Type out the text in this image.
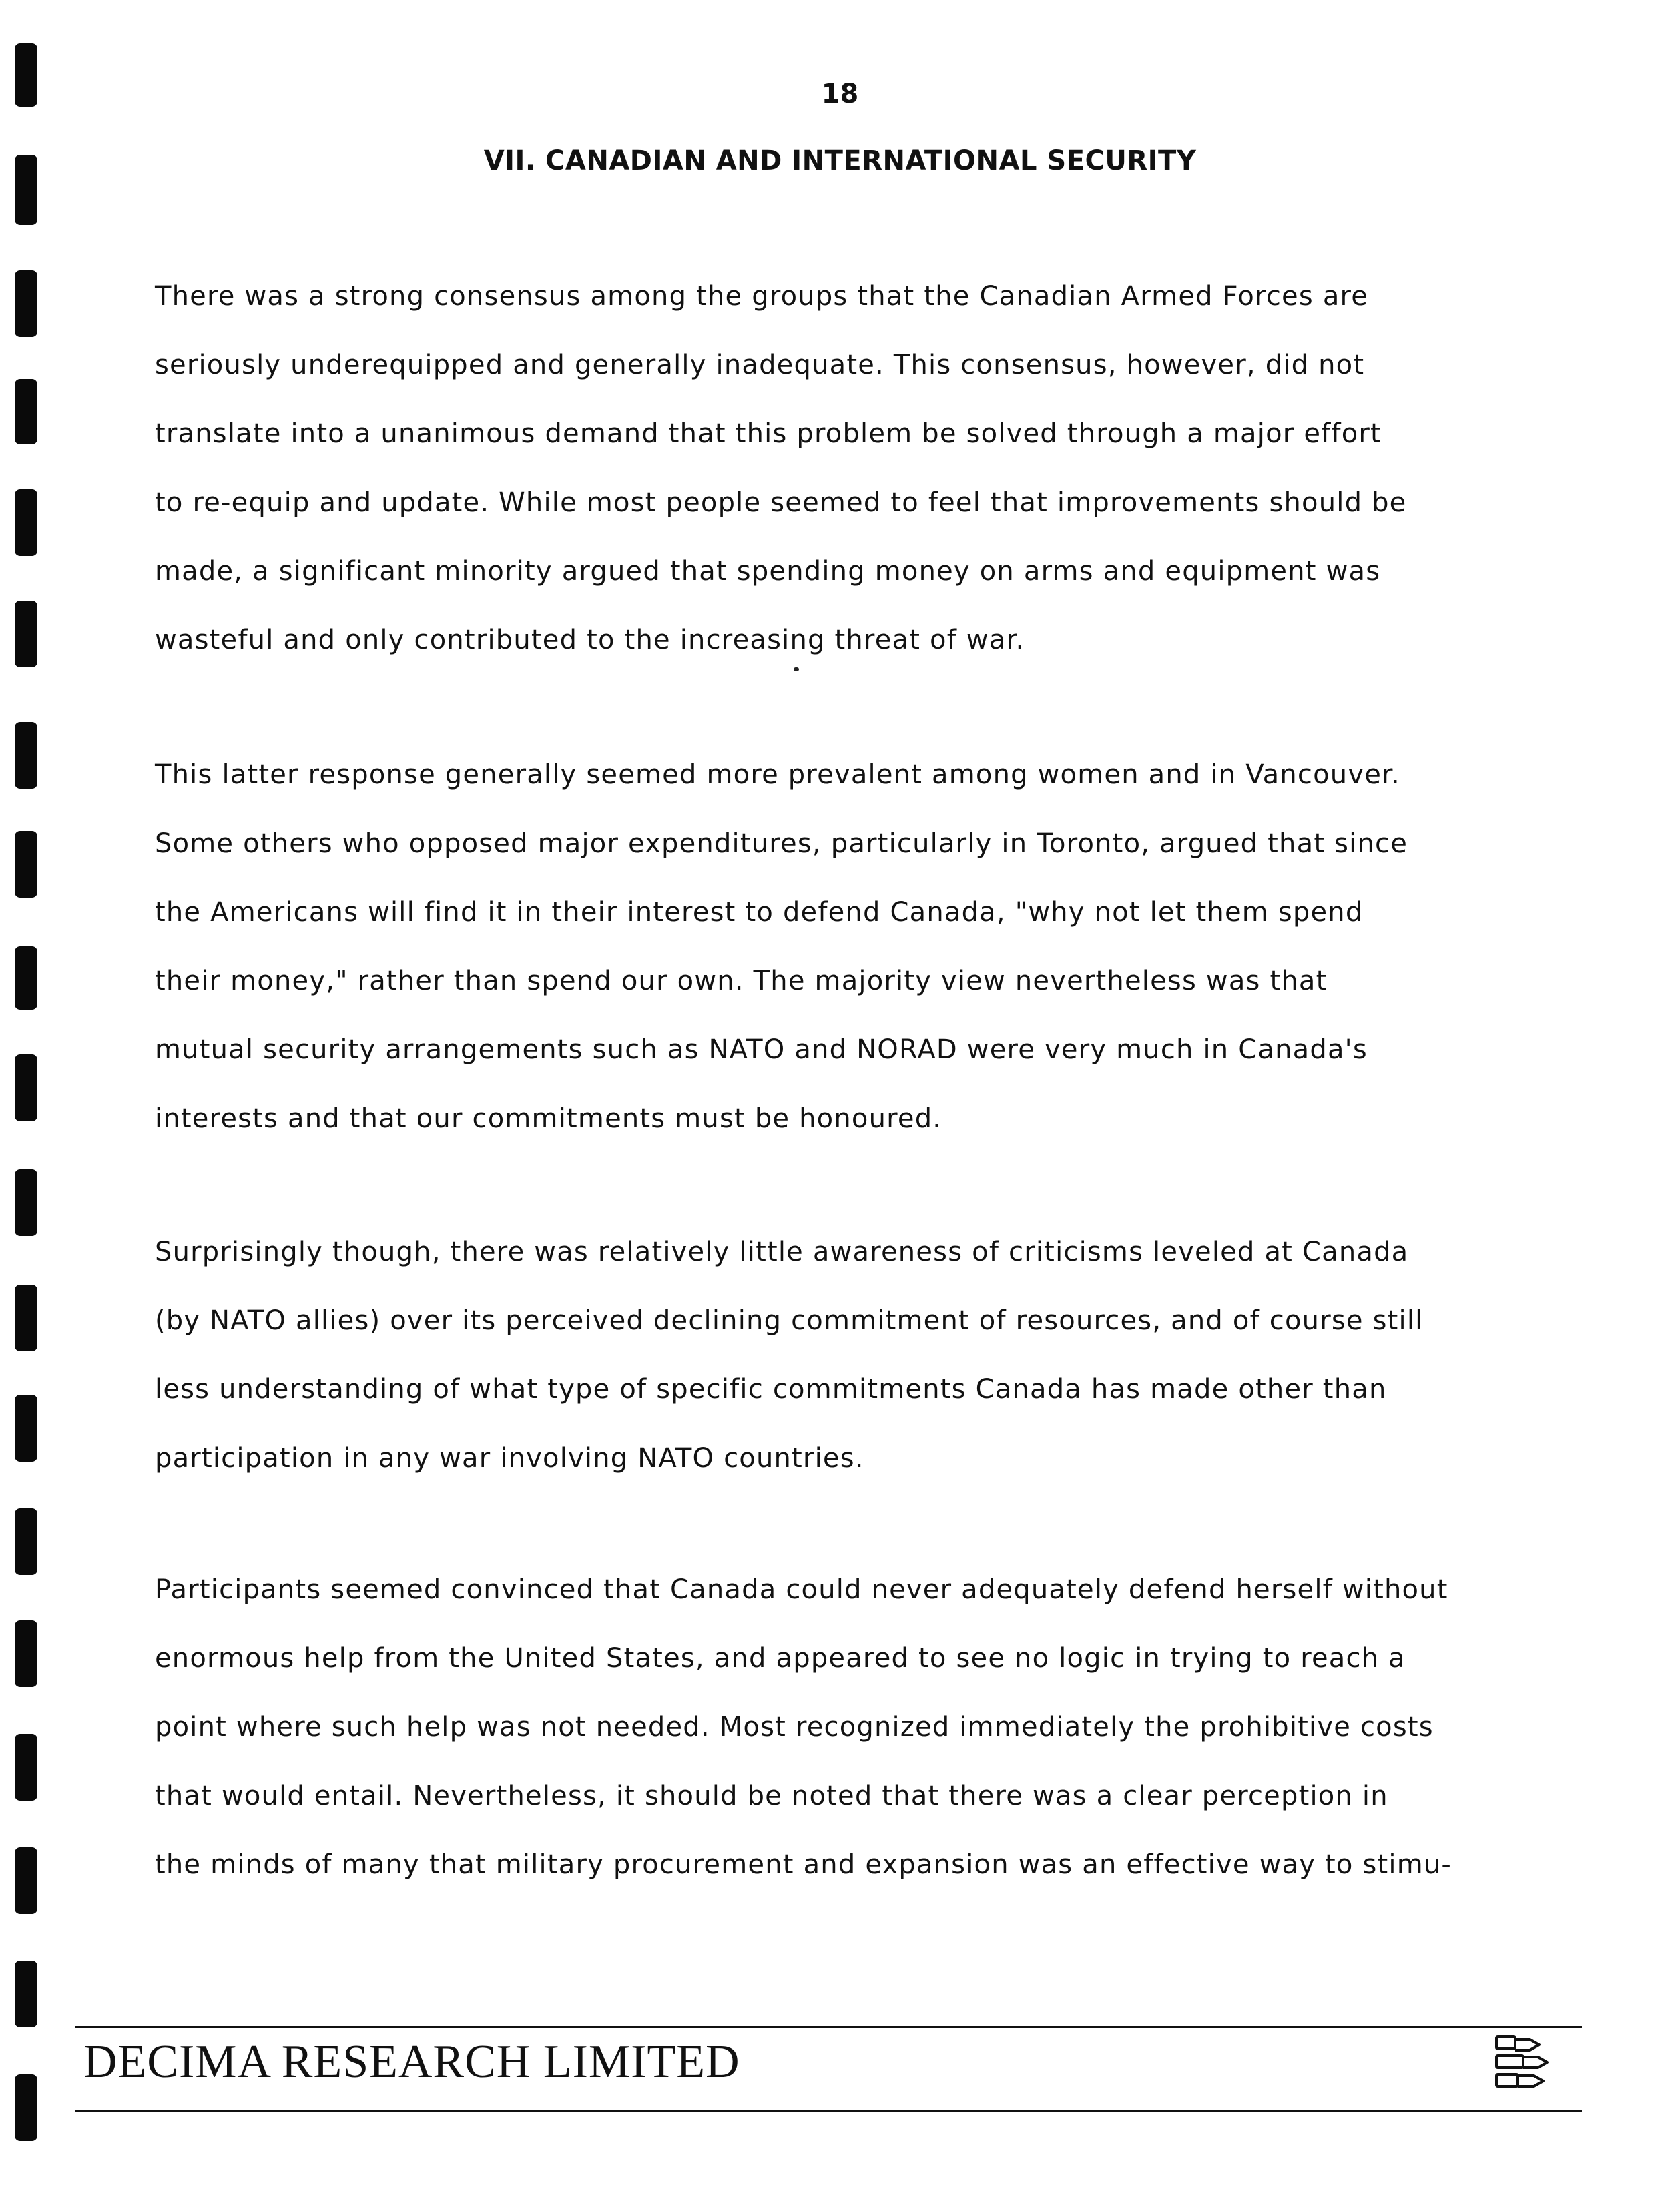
18
VII. CANADIAN AND INTERNATIONAL SECURITY

There was a strong consensus among the groups that the Canadian Armed Forces are
seriously underequipped and generally inadequate. This consensus, however, did not
translate into a unanimous demand that this problem be solved through a major effort
to re-equip and update. While most people seemed to feel that improvements should be
made, a significant minority argued that spending money on arms and equipment was
wasteful and only contributed to the increasing threat of war.

This latter response generally seemed more prevalent among women and in Vancouver.
Some others who opposed major expenditures, particularly in Toronto, argued that since
the Americans will find it in their interest to defend Canada, "why not let them spend
their money," rather than spend our own. The majority view nevertheless was that
mutual security arrangements such as NATO and NORAD were very much in Canada's
interests and that our commitments must be honoured.

Surprisingly though, there was relatively little awareness of criticisms leveled at Canada
(by NATO allies) over its perceived declining commitment of resources, and of course still
less understanding of what type of specific commitments Canada has made other than
participation in any war involving NATO countries.

Participants seemed convinced that Canada could never adequately defend herself without
enormous help from the United States, and appeared to see no logic in trying to reach a
point where such help was not needed. Most recognized immediately the prohibitive costs
that would entail. Nevertheless, it should be noted that there was a clear perception in
the minds of many that military procurement and expansion was an effective way to stimu-

DECIMA RESEARCH LIMITED
